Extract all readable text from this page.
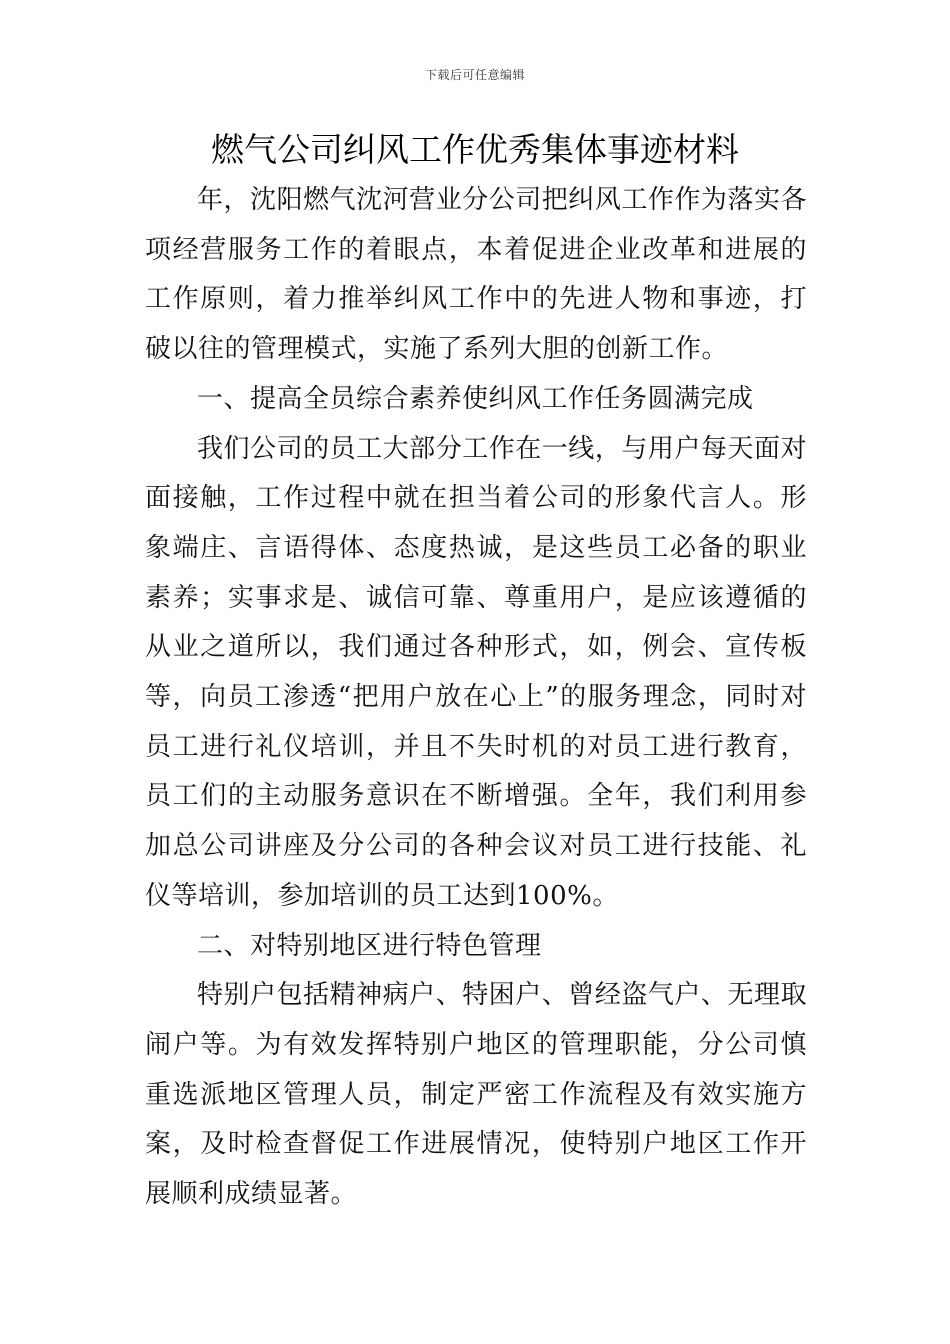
下载后可任意编辑
燃气公司纠风工作优秀集体事迹材料

年，沈阳燃气沈河营业分公司把纠风工作作为落实各项经营服务工作的着眼点，本着促进企业改革和进展的工作原则，着力推举纠风工作中的先进人物和事迹，打破以往的管理模式，实施了系列大胆的创新工作。

一、提高全员综合素养使纠风工作任务圆满完成

我们公司的员工大部分工作在一线，与用户每天面对面接触，工作过程中就在担当着公司的形象代言人。形象端庄、言语得体、态度热诚，是这些员工必备的职业素养；实事求是、诚信可靠、尊重用户，是应该遵循的从业之道所以，我们通过各种形式，如，例会、宣传板等，向员工渗透“把用户放在心上”的服务理念，同时对员工进行礼仪培训，并且不失时机的对员工进行教育，员工们的主动服务意识在不断增强。全年，我们利用参加总公司讲座及分公司的各种会议对员工进行技能、礼仪等培训，参加培训的员工达到100%。

二、对特别地区进行特色管理

特别户包括精神病户、特困户、曾经盗气户、无理取闹户等。为有效发挥特别户地区的管理职能，分公司慎重选派地区管理人员，制定严密工作流程及有效实施方案，及时检查督促工作进展情况，使特别户地区工作开展顺利成绩显著。
